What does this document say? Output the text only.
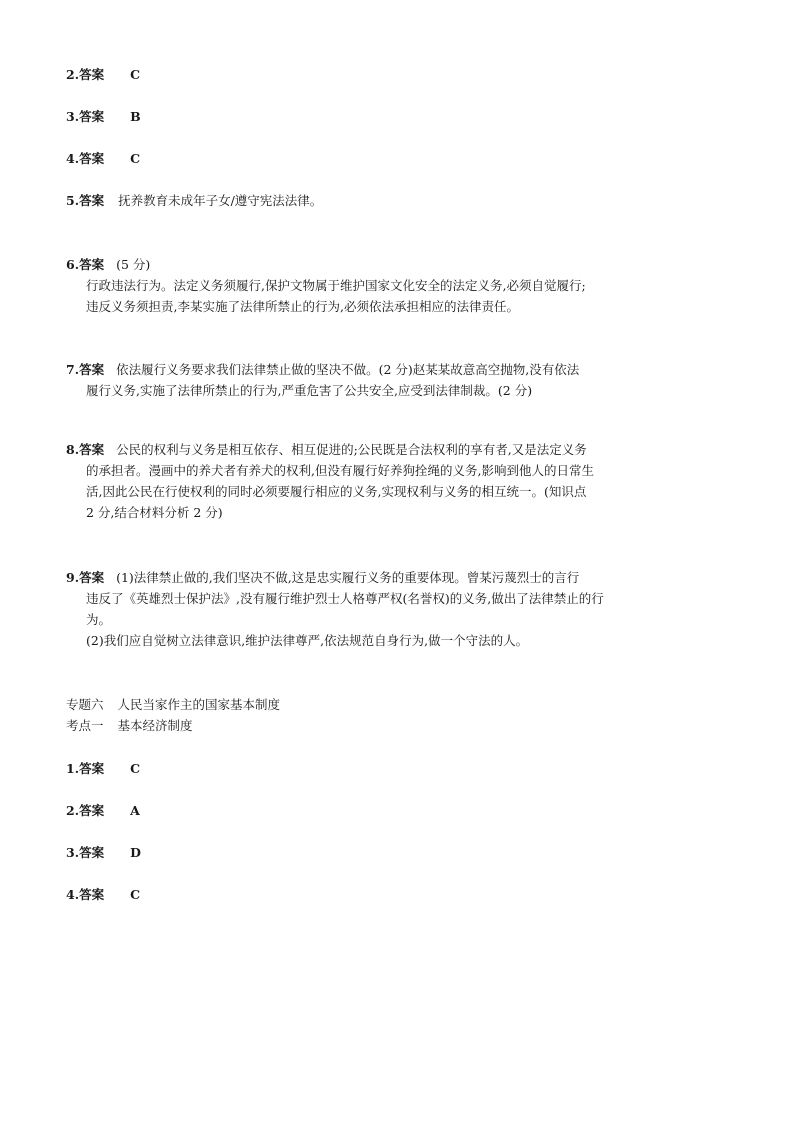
2.答案 C
3.答案 B
4.答案 C
5.答案 抚养教育未成年子女/遵守宪法法律。
6.答案 (5 分)
行政违法行为。法定义务须履行,保护文物属于维护国家文化安全的法定义务,必须自觉履行;
违反义务须担责,李某实施了法律所禁止的行为,必须依法承担相应的法律责任。
7.答案 依法履行义务要求我们法律禁止做的坚决不做。(2 分)赵某某故意高空抛物,没有依法
履行义务,实施了法律所禁止的行为,严重危害了公共安全,应受到法律制裁。(2 分)
8.答案 公民的权利与义务是相互依存、相互促进的;公民既是合法权利的享有者,又是法定义务
的承担者。漫画中的养犬者有养犬的权利,但没有履行好养狗拴绳的义务,影响到他人的日常生
活,因此公民在行使权利的同时必须要履行相应的义务,实现权利与义务的相互统一。(知识点
2 分,结合材料分析 2 分)
9.答案 (1)法律禁止做的,我们坚决不做,这是忠实履行义务的重要体现。曾某污蔑烈士的言行
违反了《英雄烈士保护法》,没有履行维护烈士人格尊严权(名誉权)的义务,做出了法律禁止的行
为。
(2)我们应自觉树立法律意识,维护法律尊严,依法规范自身行为,做一个守法的人。
专题六 人民当家作主的国家基本制度
考点一 基本经济制度
1.答案 C
2.答案 A
3.答案 D
4.答案 C
